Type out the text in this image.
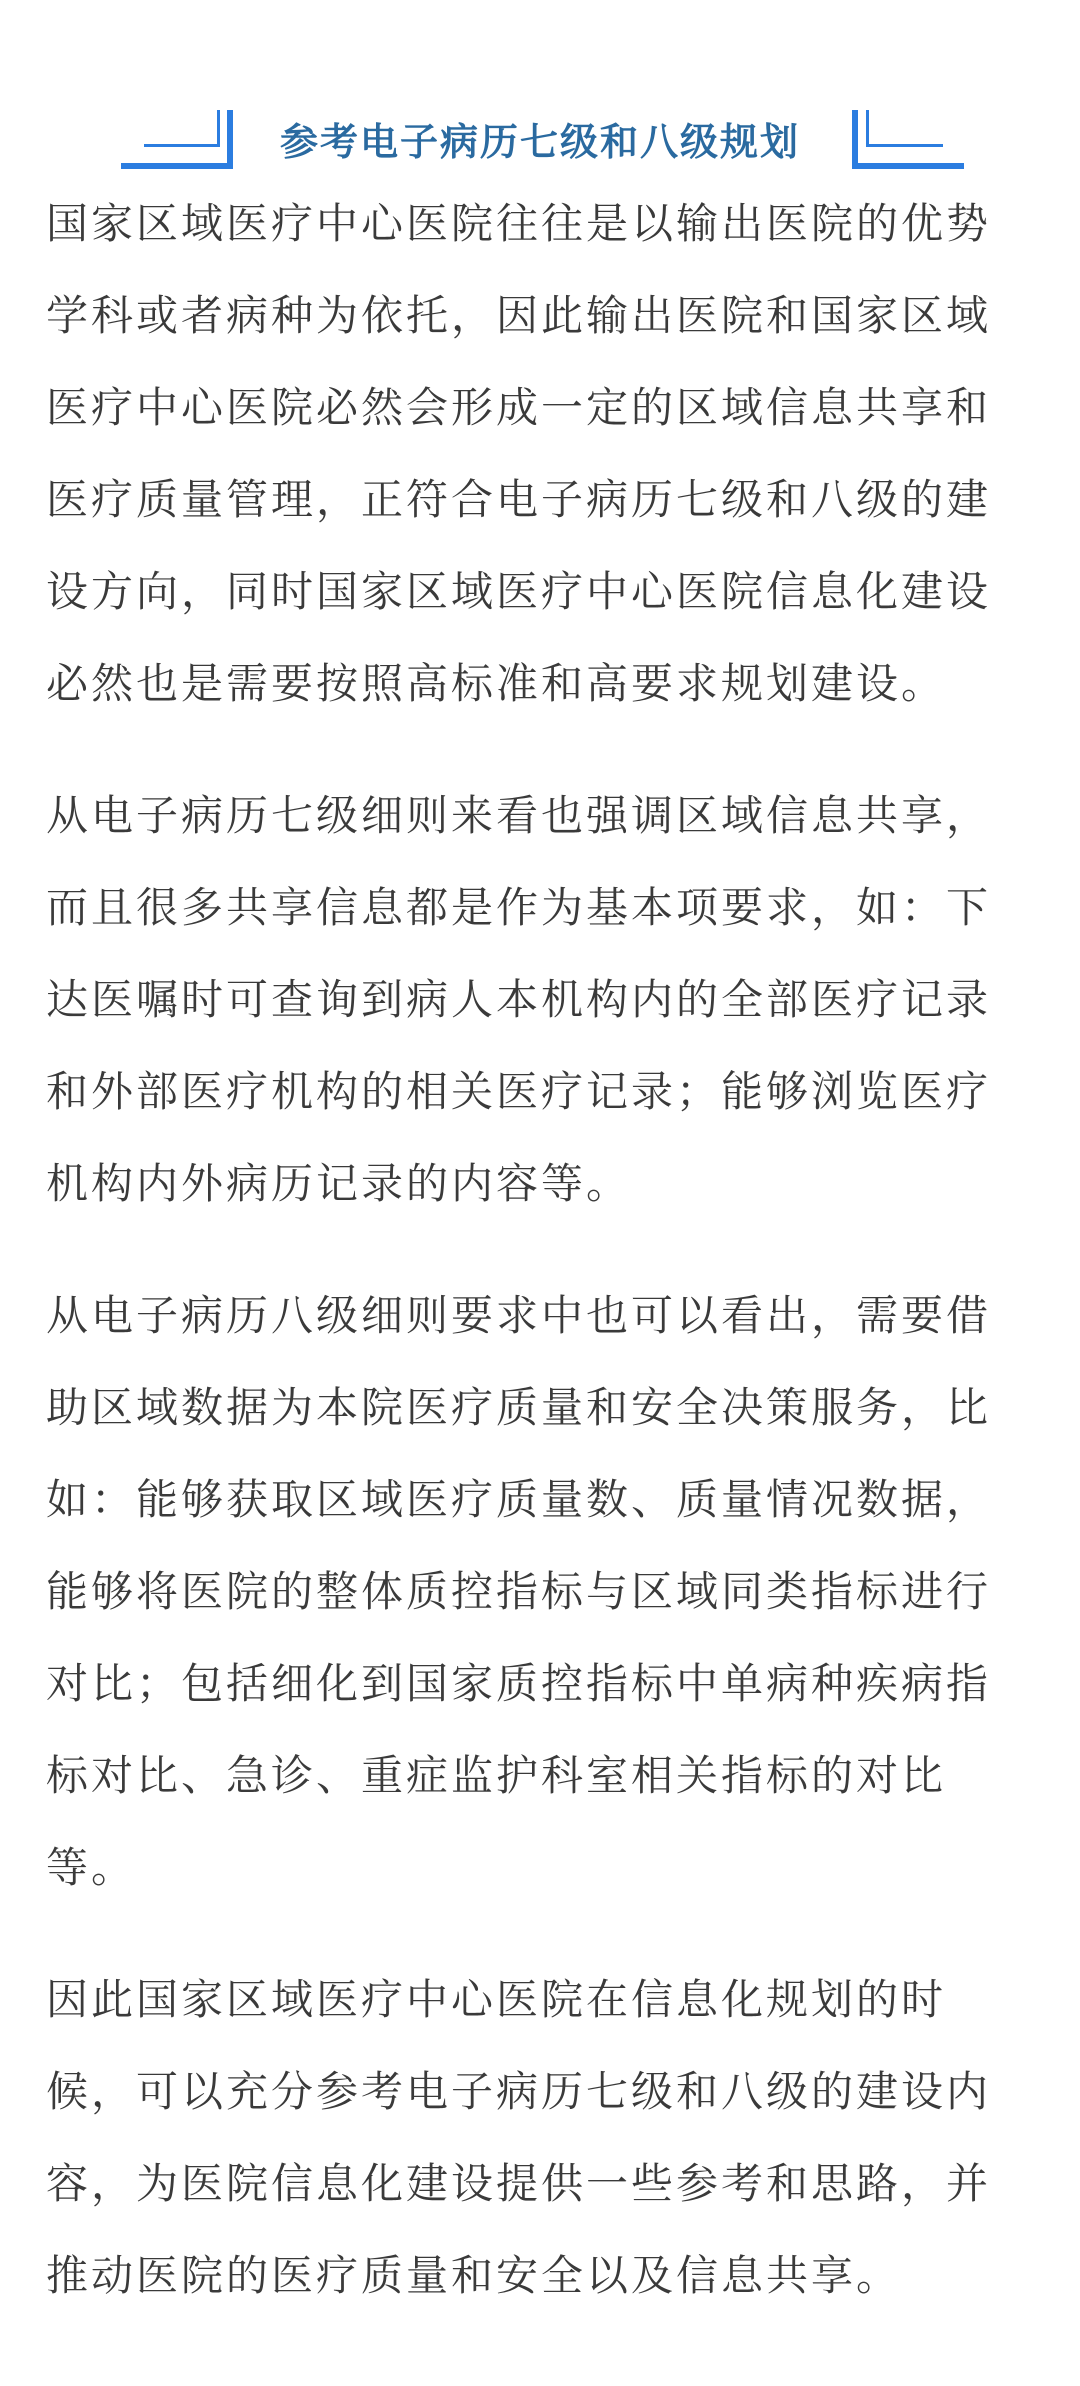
参考电子病历七级和八级规划
国家区域医疗中心医院往往是以输出医院的优势
学科或者病种为依托，因此输出医院和国家区域
医疗中心医院必然会形成一定的区域信息共享和
医疗质量管理，正符合电子病历七级和八级的建
设方向，同时国家区域医疗中心医院信息化建设
必然也是需要按照高标准和高要求规划建设。
从电子病历七级细则来看也强调区域信息共享，
而且很多共享信息都是作为基本项要求，如：下
达医嘱时可查询到病人本机构内的全部医疗记录
和外部医疗机构的相关医疗记录；能够浏览医疗
机构内外病历记录的内容等。
从电子病历八级细则要求中也可以看出，需要借
助区域数据为本院医疗质量和安全决策服务，比
如：能够获取区域医疗质量数、质量情况数据，
能够将医院的整体质控指标与区域同类指标进行
对比；包括细化到国家质控指标中单病种疾病指
标对比、急诊、重症监护科室相关指标的对比
等。
因此国家区域医疗中心医院在信息化规划的时
候，可以充分参考电子病历七级和八级的建设内
容，为医院信息化建设提供一些参考和思路，并
推动医院的医疗质量和安全以及信息共享。
